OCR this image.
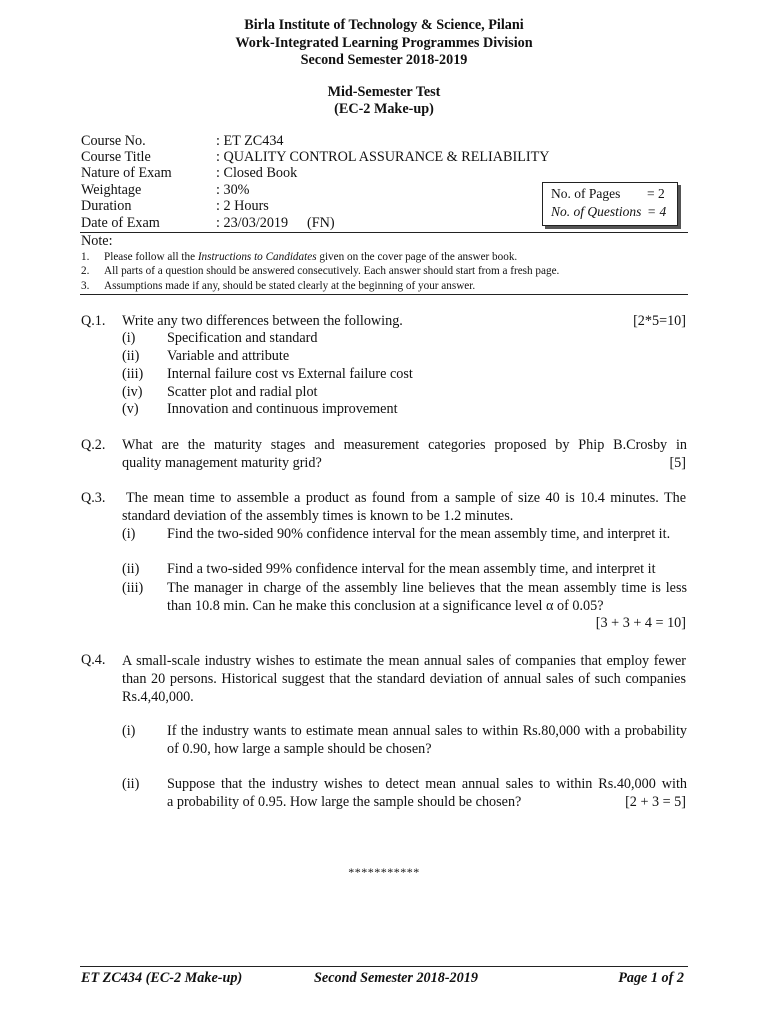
Birla Institute of Technology & Science, Pilani
Work-Integrated Learning Programmes Division
Second Semester 2018-2019
Mid-Semester Test
(EC-2 Make-up)
Course No.	: ET ZC434
Course Title	: QUALITY CONTROL ASSURANCE & RELIABILITY
Nature of Exam	: Closed Book
Weightage	: 30%
Duration	: 2 Hours
Date of Exam	: 23/03/2019 (FN)
No. of Pages = 2
No. of Questions = 4
Note:
1. Please follow all the Instructions to Candidates given on the cover page of the answer book.
2. All parts of a question should be answered consecutively. Each answer should start from a fresh page.
3. Assumptions made if any, should be stated clearly at the beginning of your answer.
Q.1. Write any two differences between the following.	[2*5=10]
(i) Specification and standard
(ii) Variable and attribute
(iii) Internal failure cost vs External failure cost
(iv) Scatter plot and radial plot
(v) Innovation and continuous improvement
Q.2. What are the maturity stages and measurement categories proposed by Phip B.Crosby in
quality management maturity grid?	[5]
Q.3. The mean time to assemble a product as found from a sample of size 40 is 10.4 minutes. The
standard deviation of the assembly times is known to be 1.2 minutes.
(i) Find the two-sided 90% confidence interval for the mean assembly time, and interpret it.
(ii) Find a two-sided 99% confidence interval for the mean assembly time, and interpret it
(iii) The manager in charge of the assembly line believes that the mean assembly time is less than 10.8 min. Can he make this conclusion at a significance level α of 0.05?
[3 + 3 + 4 = 10]
Q.4. A small-scale industry wishes to estimate the mean annual sales of companies that employ fewer than 20 persons. Historical suggest that the standard deviation of annual sales of such companies Rs.4,40,000.
(i) If the industry wants to estimate mean annual sales to within Rs.80,000 with a probability of 0.90, how large a sample should be chosen?
(ii) Suppose that the industry wishes to detect mean annual sales to within Rs.40,000 with
a probability of 0.95. How large the sample should be chosen?	[2 + 3 = 5]
***********
ET ZC434 (EC-2 Make-up)	Second Semester 2018-2019	Page 1 of 2
